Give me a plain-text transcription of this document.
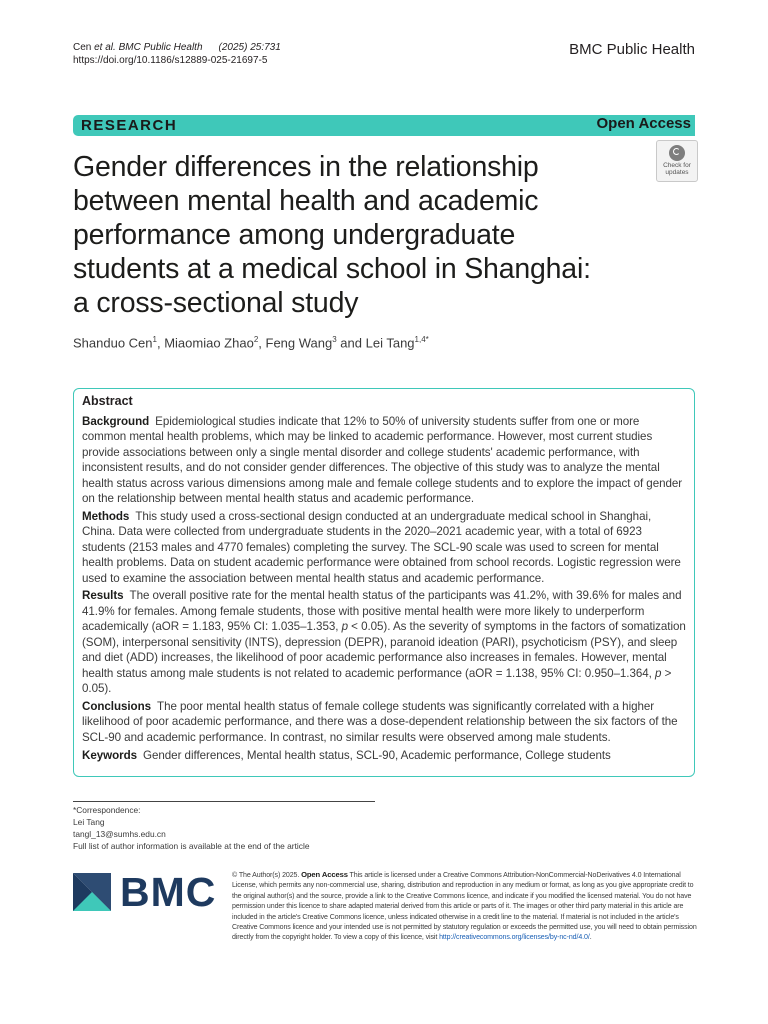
Cen et al. BMC Public Health (2025) 25:731
https://doi.org/10.1186/s12889-025-21697-5
BMC Public Health
RESEARCH	Open Access
Gender differences in the relationship
between mental health and academic
performance among undergraduate
students at a medical school in Shanghai:
a cross-sectional study
Check for
updates
Shanduo Cen$^1$, Miaomiao Zhao$^2$, Feng Wang$^3$ and Lei Tang$^{1,4*}$
Abstract

Background Epidemiological studies indicate that 12% to 50% of university students suffer from one or more common mental health problems, which may be linked to academic performance. However, most current studies provide associations between only a single mental disorder and college students' academic performance, with inconsistent results, and do not consider gender differences. The objective of this study was to analyze the mental health status across various dimensions among male and female college students and to explore the impact of gender on the relationship between mental health status and academic performance.

Methods This study used a cross-sectional design conducted at an undergraduate medical school in Shanghai, China. Data were collected from undergraduate students in the 2020–2021 academic year, with a total of 6923 students (2153 males and 4770 females) completing the survey. The SCL-90 scale was used to screen for mental health problems. Data on student academic performance were obtained from school records. Logistic regression were used to examine the association between mental health status and academic performance.

Results The overall positive rate for the mental health status of the participants was 41.2%, with 39.6% for males and 41.9% for females. Among female students, those with positive mental health were more likely to underperform academically (aOR = 1.183, 95% CI: 1.035–1.353, p < 0.05). As the severity of symptoms in the factors of somatization (SOM), interpersonal sensitivity (INTS), depression (DEPR), paranoid ideation (PARI), psychoticism (PSY), and sleep and diet (ADD) increases, the likelihood of poor academic performance also increases in females. However, mental health status among male students is not related to academic performance (aOR = 1.138, 95% CI: 0.950–1.364, p > 0.05).

Conclusions The poor mental health status of female college students was significantly correlated with a higher likelihood of poor academic performance, and there was a dose-dependent relationship between the six factors of the SCL-90 and academic performance. In contrast, no similar results were observed among male students.

Keywords Gender differences, Mental health status, SCL-90, Academic performance, College students

*Correspondence:
Lei Tang
tangl_13@sumhs.edu.cn
Full list of author information is available at the end of the article
BMC © The Author(s) 2025. Open Access This article is licensed under a Creative Commons Attribution-NonCommercial-NoDerivatives 4.0 International License, which permits any non-commercial use, sharing, distribution and reproduction in any medium or format, as long as you give appropriate credit to the original author(s) and the source, provide a link to the Creative Commons licence, and indicate if you modified the licensed material. You do not have permission under this licence to share adapted material derived from this article or parts of it. The images or other third party material in this article are included in the article's Creative Commons licence, unless indicated otherwise in a credit line to the material. If material is not included in the article's Creative Commons licence and your intended use is not permitted by statutory regulation or exceeds the permitted use, you will need to obtain permission directly from the copyright holder. To view a copy of this licence, visit http://creativecommons.org/licenses/by-nc-nd/4.0/.
